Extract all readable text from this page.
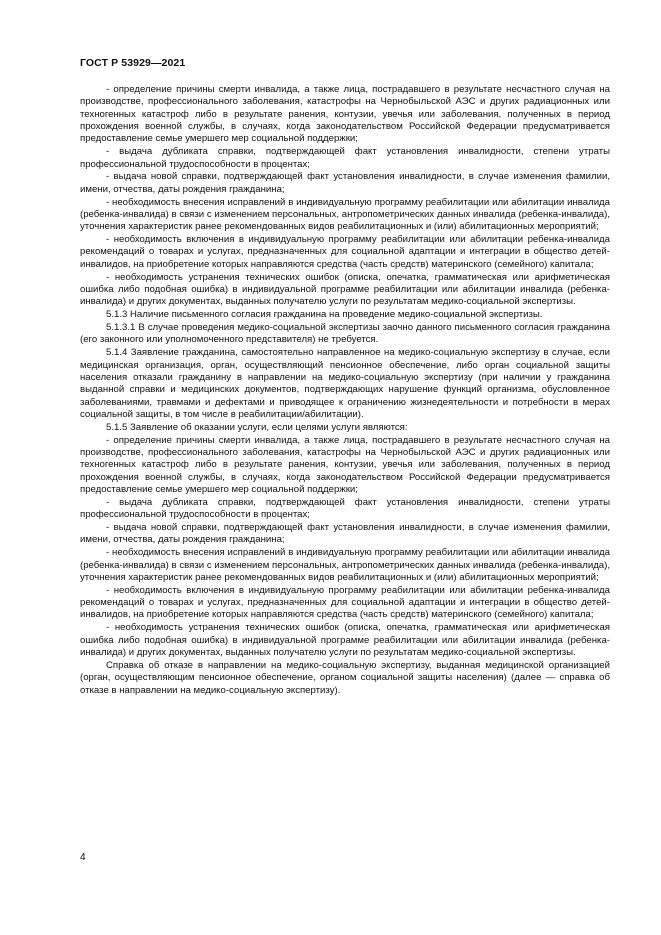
ГОСТ Р 53929—2021

- определение причины смерти инвалида, а также лица, пострадавшего в результате несчастного случая на производстве, профессионального заболевания, катастрофы на Чернобыльской АЭС и других радиационных или техногенных катастроф либо в результате ранения, контузии, увечья или заболевания, полученных в период прохождения военной службы, в случаях, когда законодательством Российской Федерации предусматривается предоставление семье умершего мер социальной поддержки;

- выдача дубликата справки, подтверждающей факт установления инвалидности, степени утраты профессиональной трудоспособности в процентах;

- выдача новой справки, подтверждающей факт установления инвалидности, в случае изменения фамилии, имени, отчества, даты рождения гражданина;

- необходимость внесения исправлений в индивидуальную программу реабилитации или абилитации инвалида (ребенка-инвалида) в связи с изменением персональных, антропометрических данных инвалида (ребенка-инвалида), уточнения характеристик ранее рекомендованных видов реабилитационных и (или) абилитационных мероприятий;

- необходимость включения в индивидуальную программу реабилитации или абилитации ребенка-инвалида рекомендаций о товарах и услугах, предназначенных для социальной адаптации и интеграции в общество детей-инвалидов, на приобретение которых направляются средства (часть средств) материнского (семейного) капитала;

- необходимость устранения технических ошибок (описка, опечатка, грамматическая или арифметическая ошибка либо подобная ошибка) в индивидуальной программе реабилитации или абилитации инвалида (ребенка- инвалида) и других документах, выданных получателю услуги по результатам медико-социальной экспертизы.

5.1.3 Наличие письменного согласия гражданина на проведение медико-социальной экспертизы.

5.1.3.1 В случае проведения медико-социальной экспертизы заочно данного письменного согласия гражданина (его законного или уполномоченного представителя) не требуется.

5.1.4 Заявление гражданина, самостоятельно направленное на медико-социальную экспертизу в случае, если медицинская организация, орган, осуществляющий пенсионное обеспечение, либо орган социальной защиты населения отказали гражданину в направлении на медико-социальную экспертизу (при наличии у гражданина выданной справки и медицинских документов, подтверждающих нарушение функций организма, обусловленное заболеваниями, травмами и дефектами и приводящее к ограничению жизнедеятельности и потребности в мерах социальной защиты, в том числе в реабилитации/абилитации).

5.1.5 Заявление об оказании услуги, если целями услуги являются:

- определение причины смерти инвалида, а также лица, пострадавшего в результате несчастного случая на производстве, профессионального заболевания, катастрофы на Чернобыльской АЭС и других радиационных или техногенных катастроф либо в результате ранения, контузии, увечья или заболевания, полученных в период прохождения военной службы, в случаях, когда законодательством Российской Федерации предусматривается предоставление семье умершего мер социальной поддержки;

- выдача дубликата справки, подтверждающей факт установления инвалидности, степени утраты профессиональной трудоспособности в процентах;

- выдача новой справки, подтверждающей факт установления инвалидности, в случае изменения фамилии, имени, отчества, даты рождения гражданина;

- необходимость внесения исправлений в индивидуальную программу реабилитации или абилитации инвалида (ребенка-инвалида) в связи с изменением персональных, антропометрических данных инвалида (ребенка-инвалида), уточнения характеристик ранее рекомендованных видов реабилитационных и (или) абилитационных мероприятий;

- необходимость включения в индивидуальную программу реабилитации или абилитации ребенка-инвалида рекомендаций о товарах и услугах, предназначенных для социальной адаптации и интеграции в общество детей-инвалидов, на приобретение которых направляются средства (часть средств) материнского (семейного) капитала;

- необходимость устранения технических ошибок (описка, опечатка, грамматическая или арифметическая ошибка либо подобная ошибка) в индивидуальной программе реабилитации или абилитации инвалида (ребенка-инвалида) и других документах, выданных получателю услуги по результатам медико-социальной экспертизы.

Справка об отказе в направлении на медико-социальную экспертизу, выданная медицинской организацией (орган, осуществляющим пенсионное обеспечение, органом социальной защиты населения) (далее — справка об отказе в направлении на медико-социальную экспертизу).

4
